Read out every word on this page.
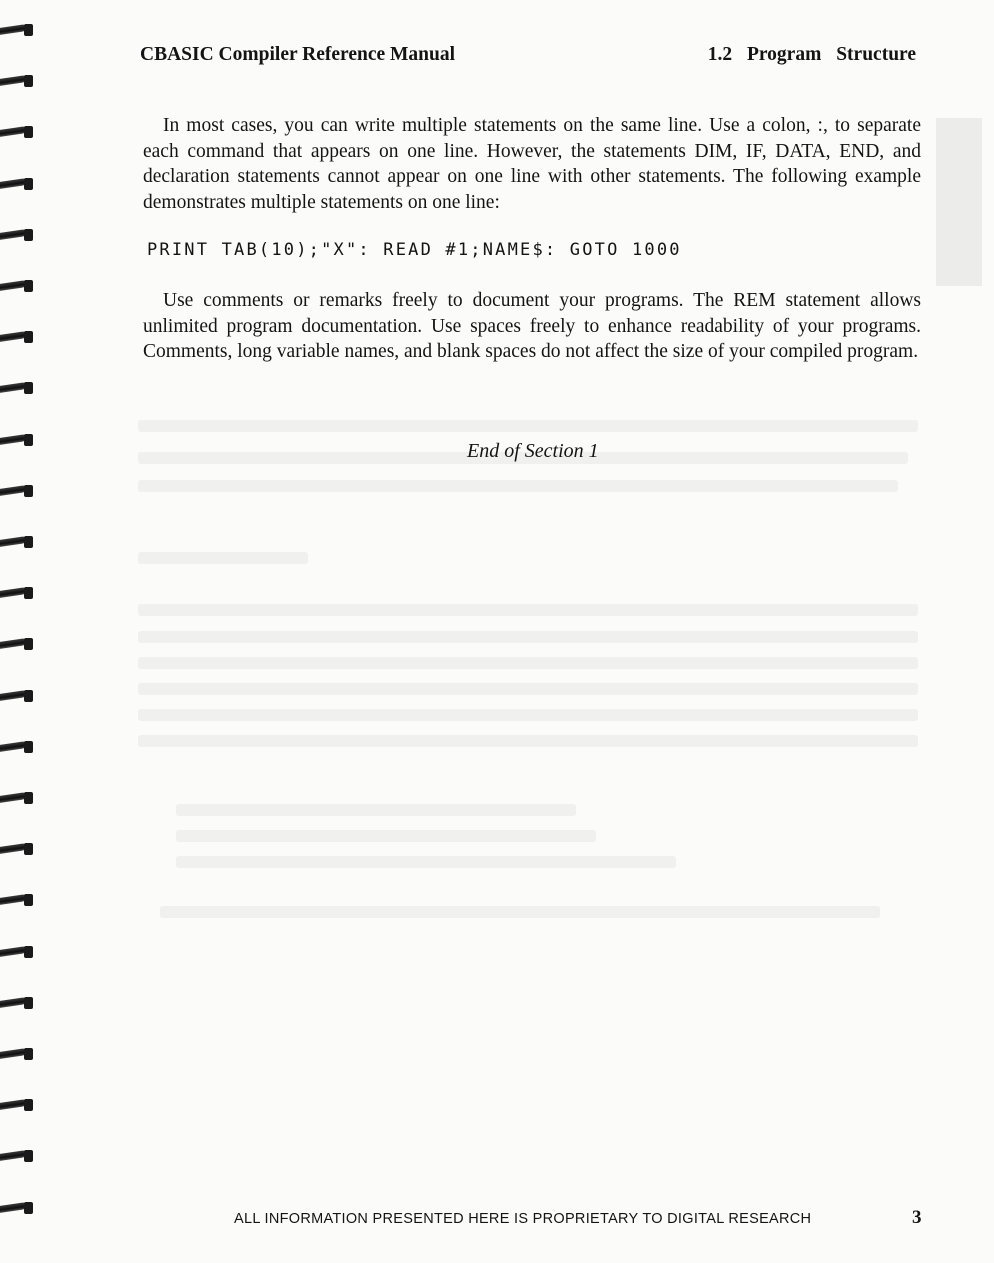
CBASIC Compiler Reference Manual	1.2 Program Structure

In most cases, you can write multiple statements on the same line. Use a colon, :, to separate each command that appears on one line. However, the statements DIM, IF, DATA, END, and declaration statements cannot appear on one line with other statements. The following example demonstrates multiple statements on one line:

PRINT TAB(10);"X": READ #1;NAME$: GOTO 1000

Use comments or remarks freely to document your programs. The REM statement allows unlimited program documentation. Use spaces freely to enhance readability of your programs. Comments, long variable names, and blank spaces do not affect the size of your compiled program.

End of Section 1
ALL INFORMATION PRESENTED HERE IS PROPRIETARY TO DIGITAL RESEARCH	3
